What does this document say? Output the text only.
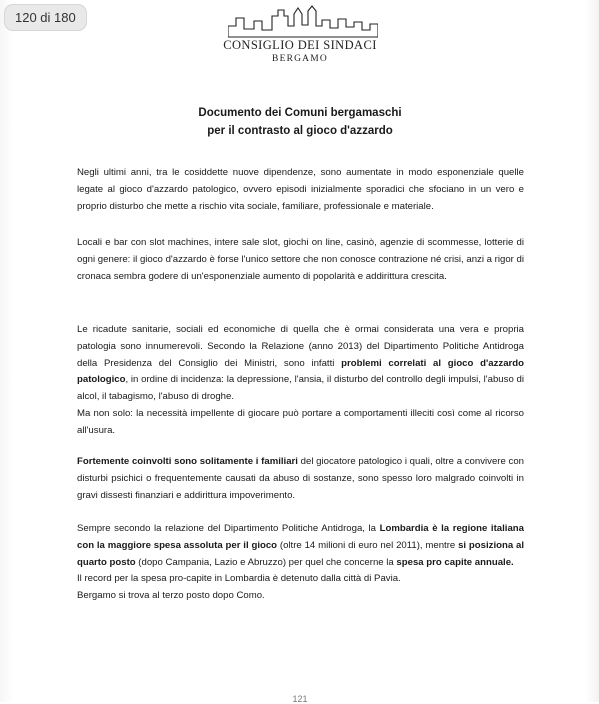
120 di 180
CONSIGLIO DEI SINDACI
BERGAMO
Documento dei Comuni bergamaschi
per il contrasto al gioco d'azzardo

Negli ultimi anni, tra le cosiddette nuove dipendenze, sono aumentate in modo esponenziale quelle legate al gioco d'azzardo patologico, ovvero episodi inizialmente sporadici che sfociano in un vero e proprio disturbo che mette a rischio vita sociale, familiare, professionale e materiale.

Locali e bar con slot machines, intere sale slot, giochi on line, casinò, agenzie di scommesse, lotterie di ogni genere: il gioco d'azzardo è forse l'unico settore che non conosce contrazione né crisi, anzi a rigor di cronaca sembra godere di un'esponenziale aumento di popolarità e addirittura crescita.

Le ricadute sanitarie, sociali ed economiche di quella che è ormai considerata una vera e propria patologia sono innumerevoli. Secondo la Relazione (anno 2013) del Dipartimento Politiche Antidroga della Presidenza del Consiglio dei Ministri, sono infatti problemi correlati al gioco d'azzardo patologico, in ordine di incidenza: la depressione, l'ansia, il disturbo del controllo degli impulsi, l'abuso di alcol, il tabagismo, l'abuso di droghe.
Ma non solo: la necessità impellente di giocare può portare a comportamenti illeciti così come al ricorso all'usura.

Fortemente coinvolti sono solitamente i familiari del giocatore patologico i quali, oltre a convivere con disturbi psichici o frequentemente causati da abuso di sostanze, sono spesso loro malgrado coinvolti in gravi dissesti finanziari e addirittura impoverimento.

Sempre secondo la relazione del Dipartimento Politiche Antidroga, la Lombardia è la regione italiana con la maggiore spesa assoluta per il gioco (oltre 14 milioni di euro nel 2011), mentre si posiziona al quarto posto (dopo Campania, Lazio e Abruzzo) per quel che concerne la spesa pro capite annuale.
Il record per la spesa pro-capite in Lombardia è detenuto dalla città di Pavia.
Bergamo si trova al terzo posto dopo Como.

121
